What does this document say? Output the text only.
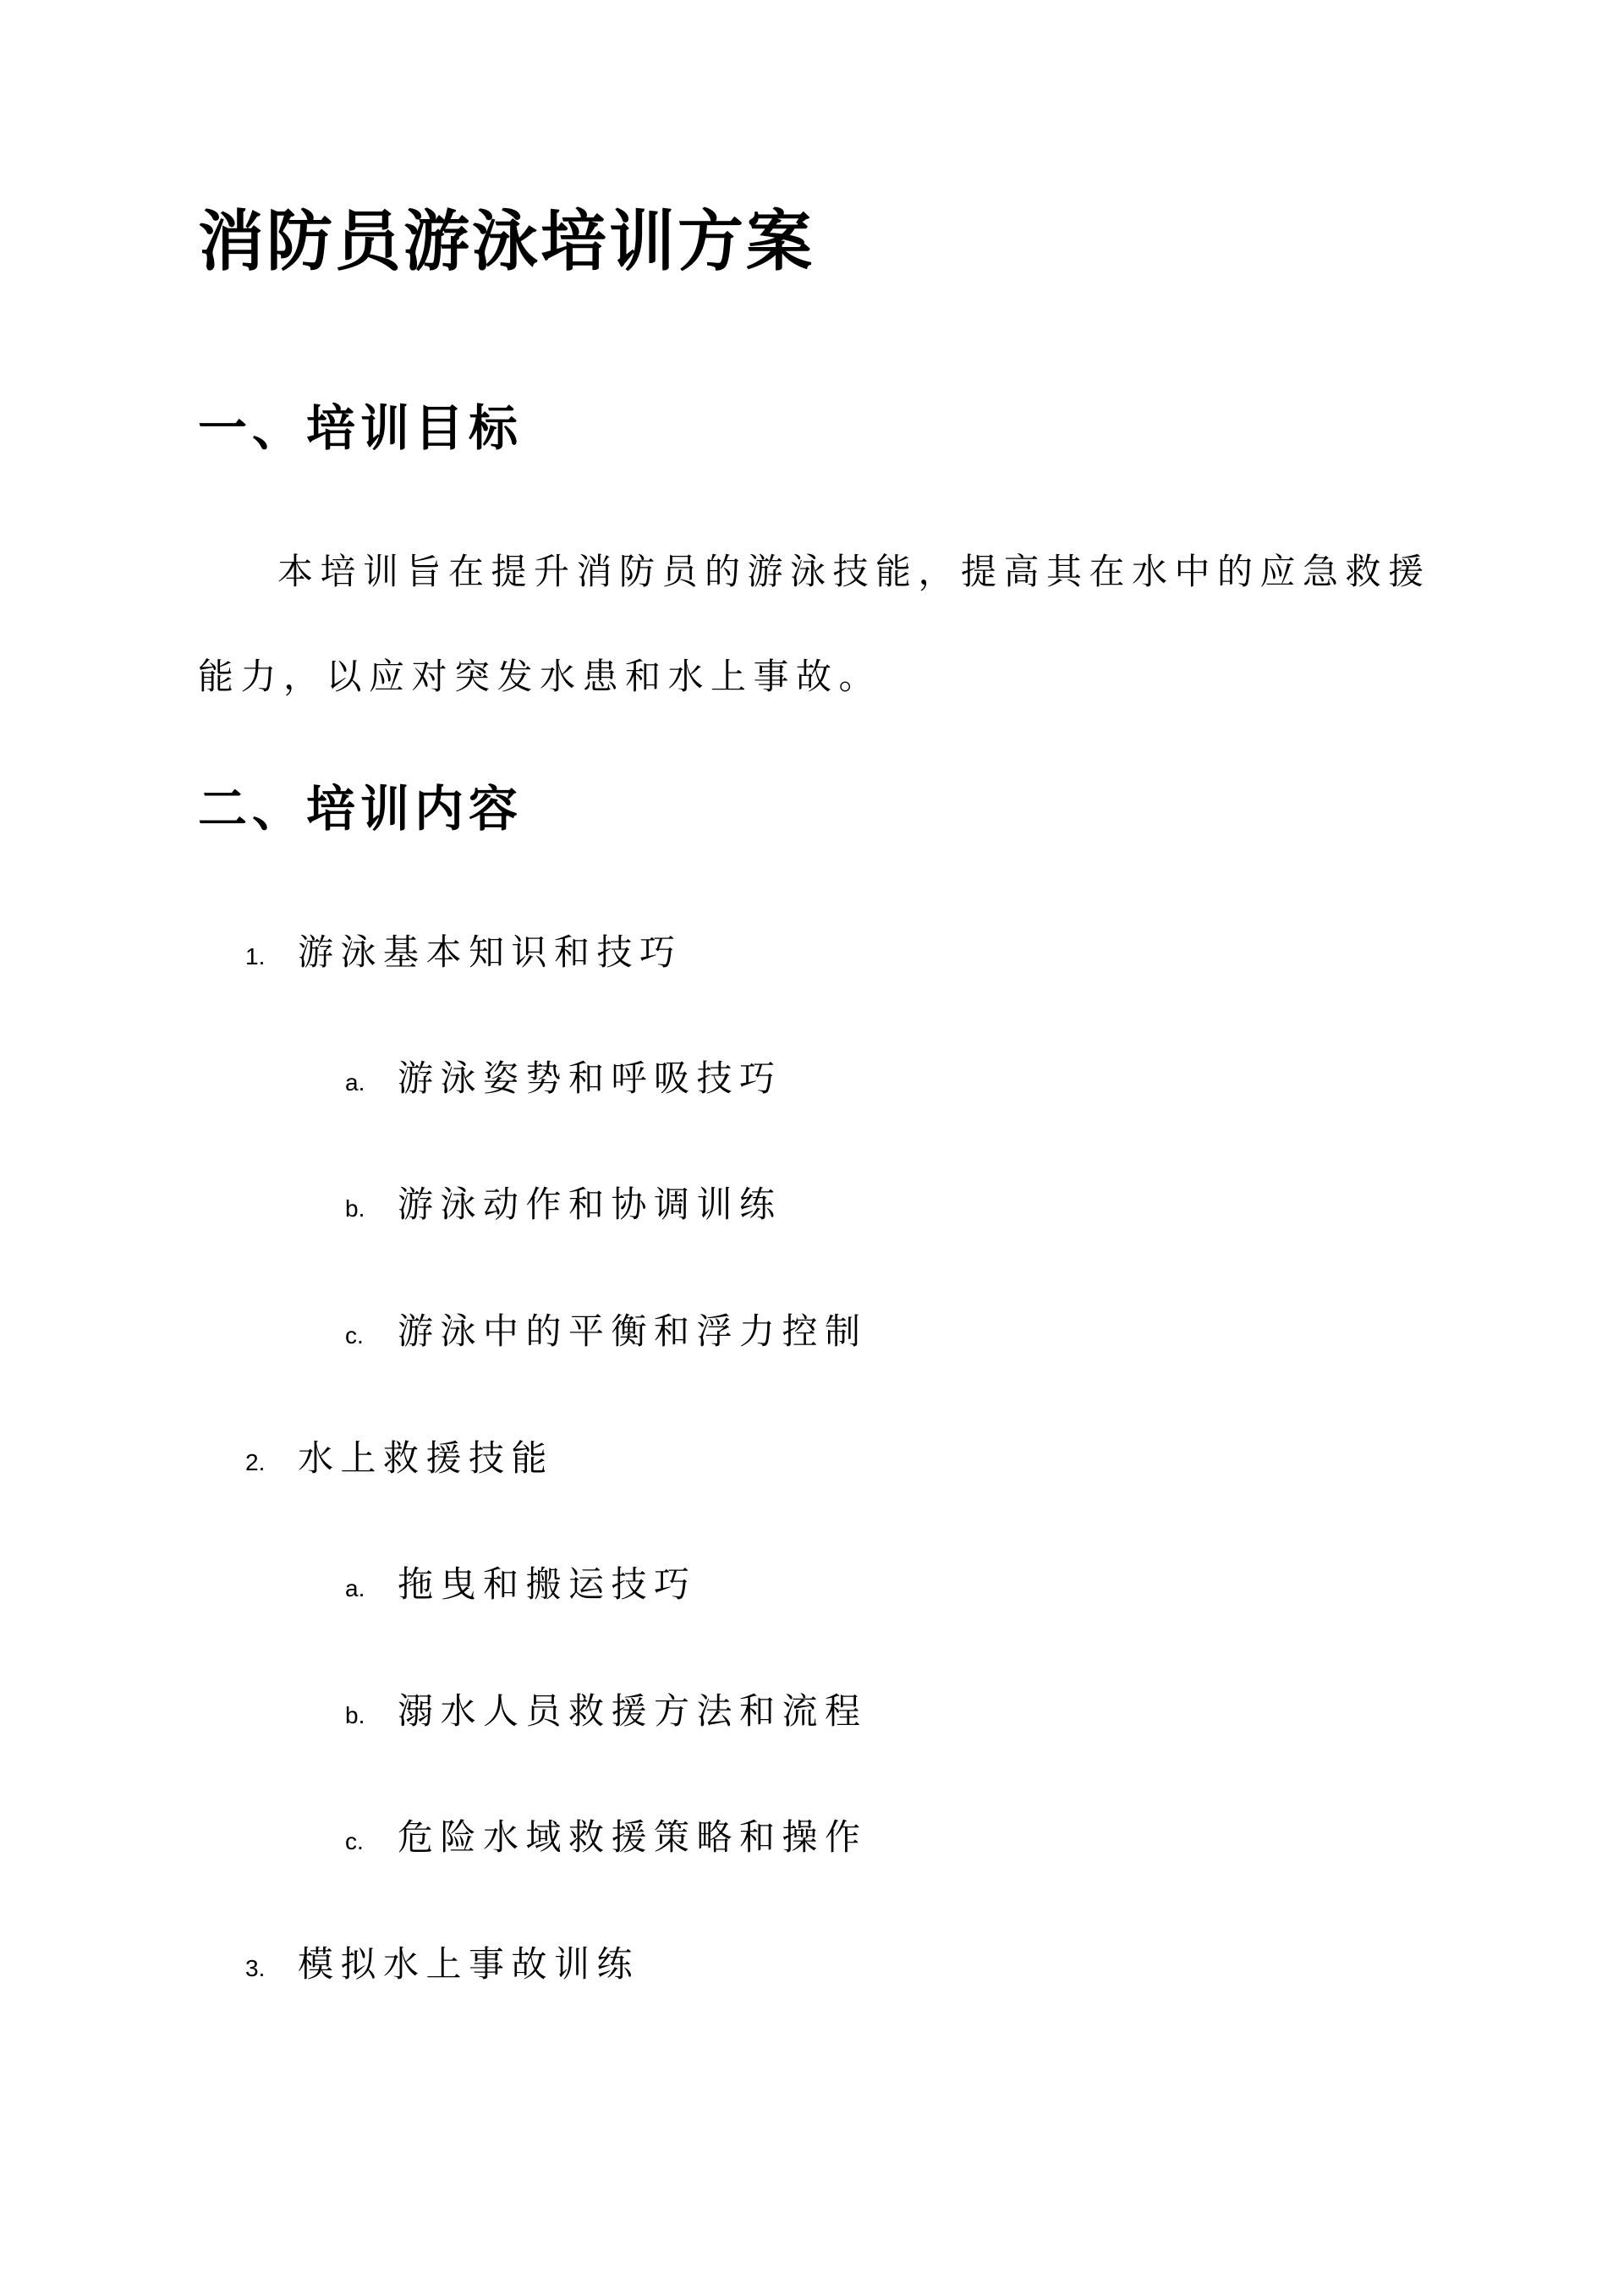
消防员游泳培训方案
一、培训目标

本培训旨在提升消防员的游泳技能，提高其在水中的应急救援能力，以应对突发水患和水上事故。

二、培训内容
1. 游泳基本知识和技巧
a. 游泳姿势和呼吸技巧
b. 游泳动作和协调训练
c. 游泳中的平衡和浮力控制
2. 水上救援技能
a. 拖曳和搬运技巧
b. 溺水人员救援方法和流程
c. 危险水域救援策略和操作
3. 模拟水上事故训练
